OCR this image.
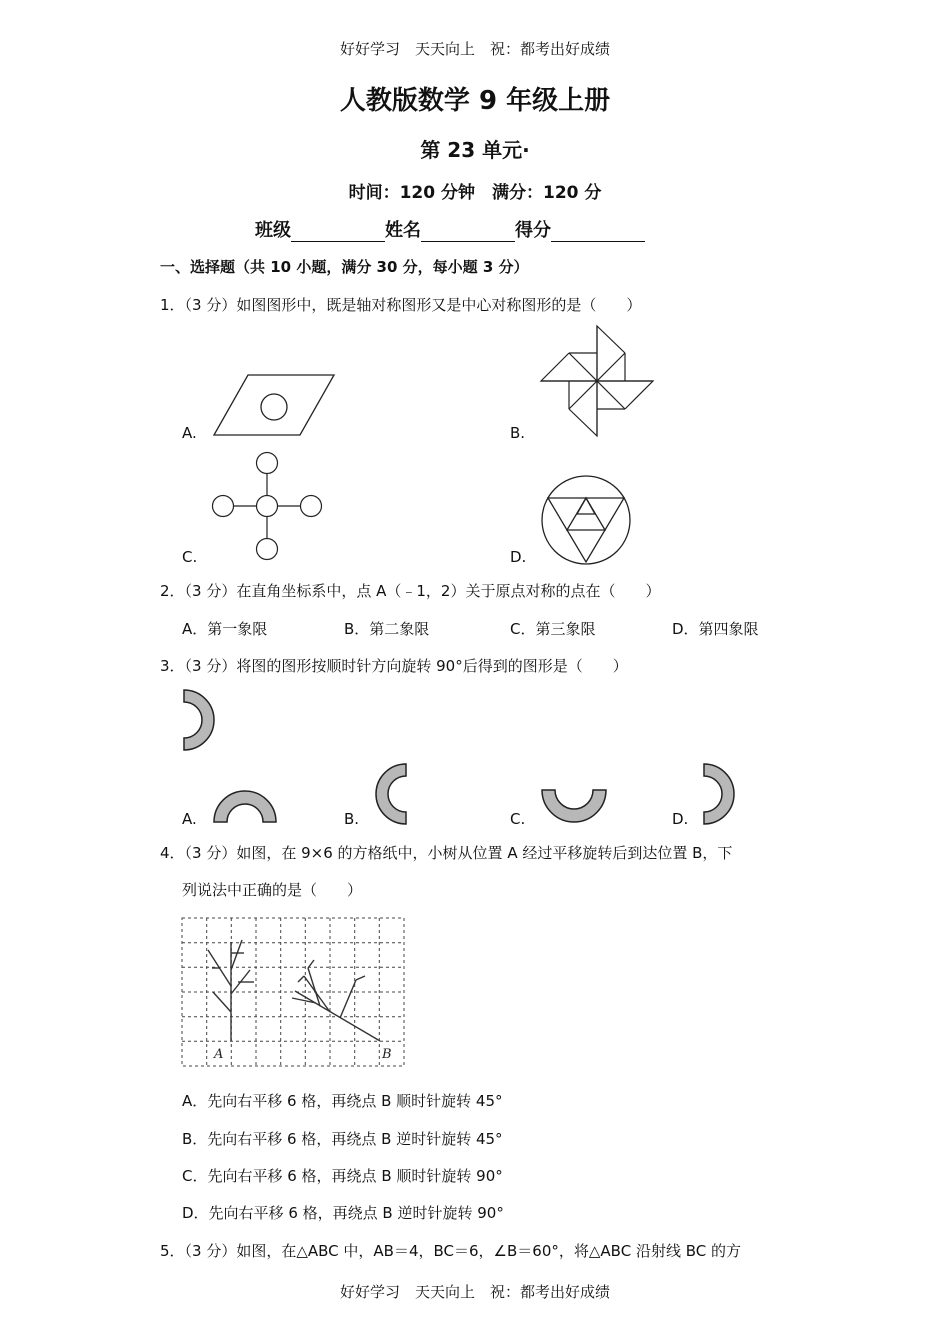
好好学习　天天向上　祝：都考出好成绩
人教版数学 9 年级上册
第 23 单元·
时间：120 分钟　满分：120 分
班级	姓名	得分
一、选择题（共 10 小题，满分 30 分，每小题 3 分）
1．（3 分）如图图形中，既是轴对称图形又是中心对称图形的是（　　）
A.	B.
C.	D.
2．（3 分）在直角坐标系中，点 A（﹣1，2）关于原点对称的点在（　　）
A．第一象限	B．第二象限	C．第三象限	D．第四象限
3．（3 分）将图的图形按顺时针方向旋转 90°后得到的图形是（　　）
A.	B.	C.	D.
4．（3 分）如图，在 9×6 的方格纸中，小树从位置 A 经过平移旋转后到达位置 B，下
列说法中正确的是（　　）
A	B
A．先向右平移 6 格，再绕点 B 顺时针旋转 45°
B．先向右平移 6 格，再绕点 B 逆时针旋转 45°
C．先向右平移 6 格，再绕点 B 顺时针旋转 90°
D．先向右平移 6 格，再绕点 B 逆时针旋转 90°
5．（3 分）如图，在△ABC 中，AB＝4，BC＝6，∠B＝60°，将△ABC 沿射线 BC 的方
好好学习　天天向上　祝：都考出好成绩
